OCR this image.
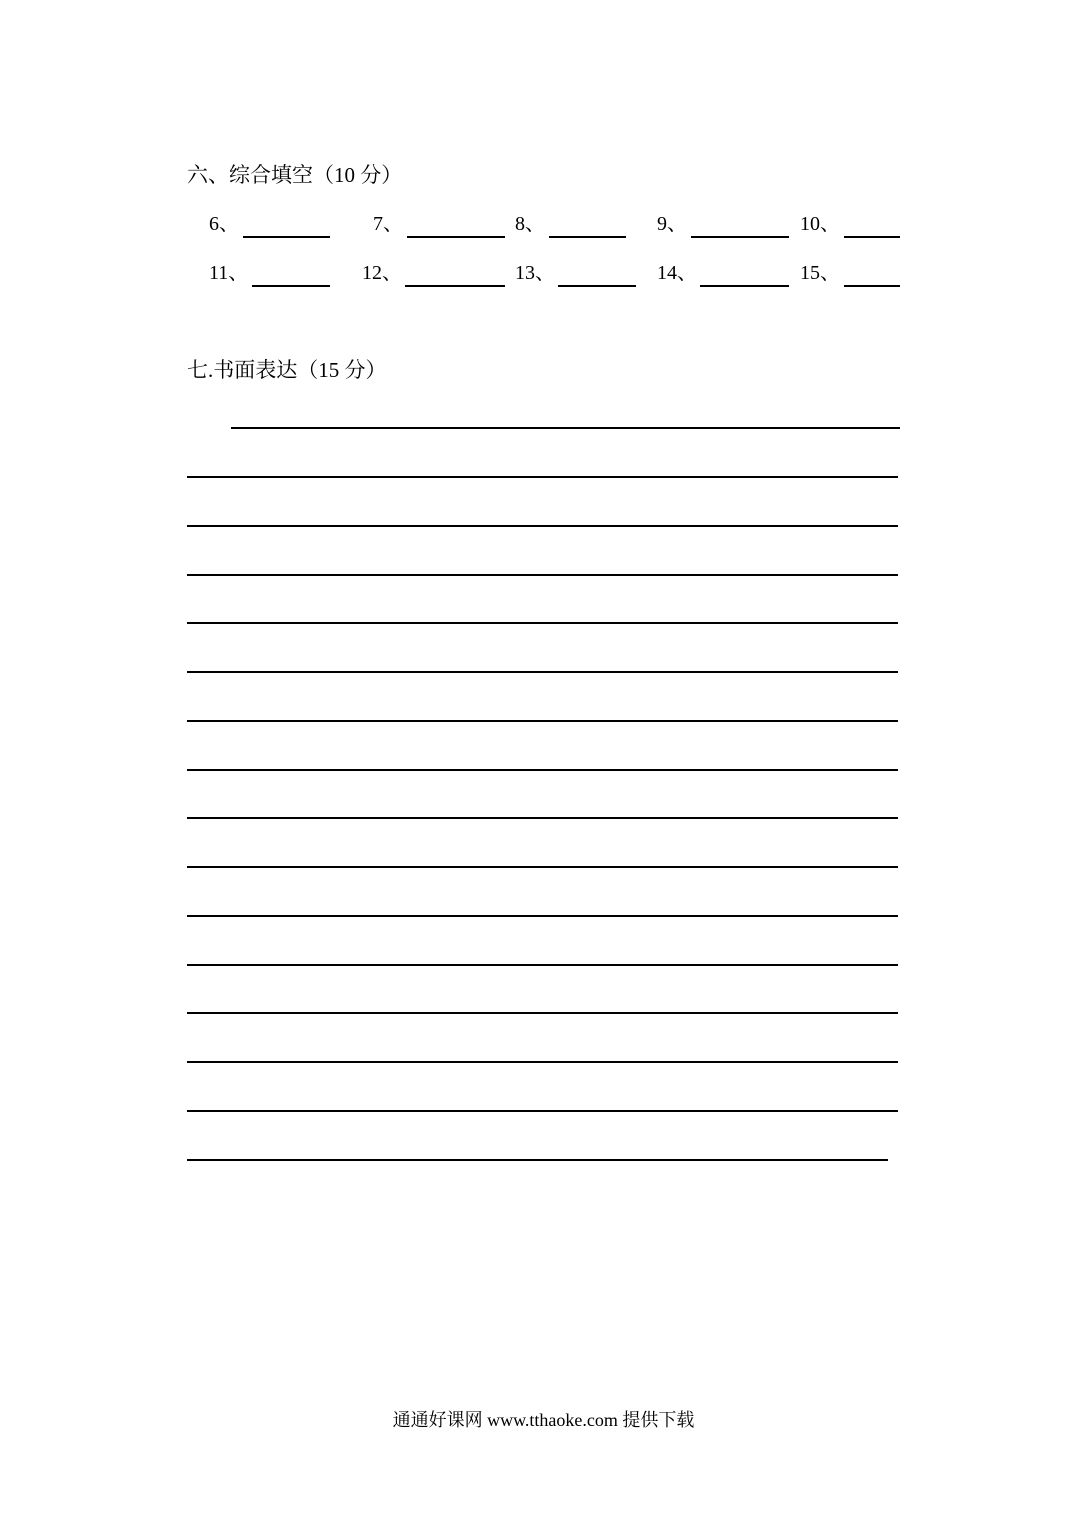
六、综合填空（10 分）
6、	7、	8、	9、	10、
11、	12、	13、	14、	15、
七.书面表达（15 分）
通通好课网 www.tthaoke.com 提供下载
